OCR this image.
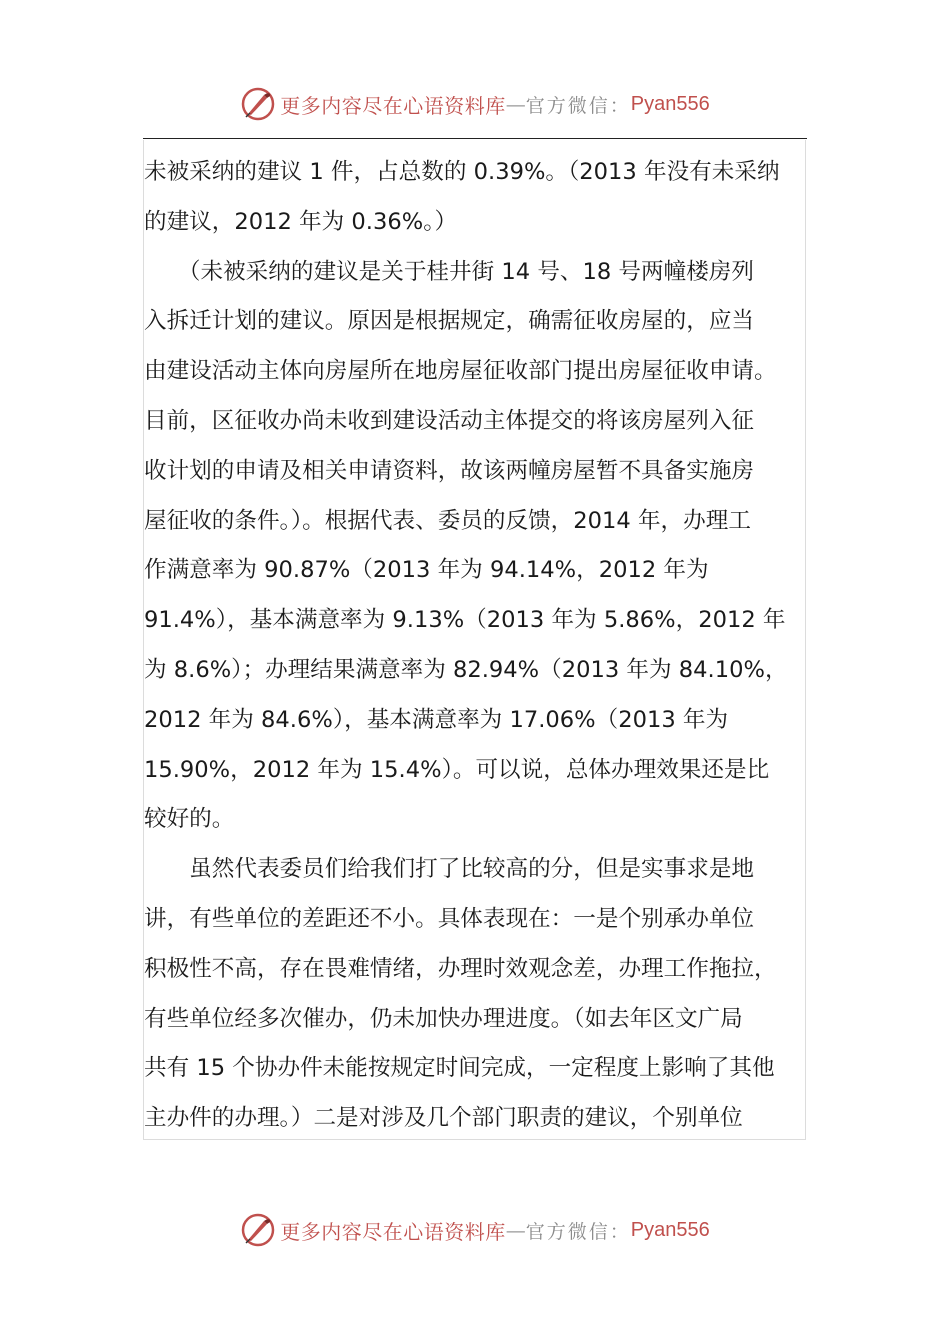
更多内容尽在心语资料库 — 官方微信： Pyan556
未被采纳的建议 1 件，占总数的 0.39%。（2013 年没有未采纳
的建议，2012 年为 0.36%。）
　　（未被采纳的建议是关于桂井街 14 号、18 号两幢楼房列
入拆迁计划的建议。原因是根据规定，确需征收房屋的，应当
由建设活动主体向房屋所在地房屋征收部门提出房屋征收申请。
目前，区征收办尚未收到建设活动主体提交的将该房屋列入征
收计划的申请及相关申请资料，故该两幢房屋暂不具备实施房
屋征收的条件。）。根据代表、委员的反馈，2014 年，办理工
作满意率为 90.87%（2013 年为 94.14%，2012 年为
91.4%），基本满意率为 9.13%（2013 年为 5.86%，2012 年
为 8.6%）；办理结果满意率为 82.94%（2013 年为 84.10%，
2012 年为 84.6%），基本满意率为 17.06%（2013 年为
15.90%，2012 年为 15.4%）。可以说，总体办理效果还是比
较好的。
　　虽然代表委员们给我们打了比较高的分，但是实事求是地
讲，有些单位的差距还不小。具体表现在：一是个别承办单位
积极性不高，存在畏难情绪，办理时效观念差，办理工作拖拉，
有些单位经多次催办，仍未加快办理进度。（如去年区文广局
共有 15 个协办件未能按规定时间完成，一定程度上影响了其他
主办件的办理。）二是对涉及几个部门职责的建议，个别单位
更多内容尽在心语资料库 — 官方微信： Pyan556
